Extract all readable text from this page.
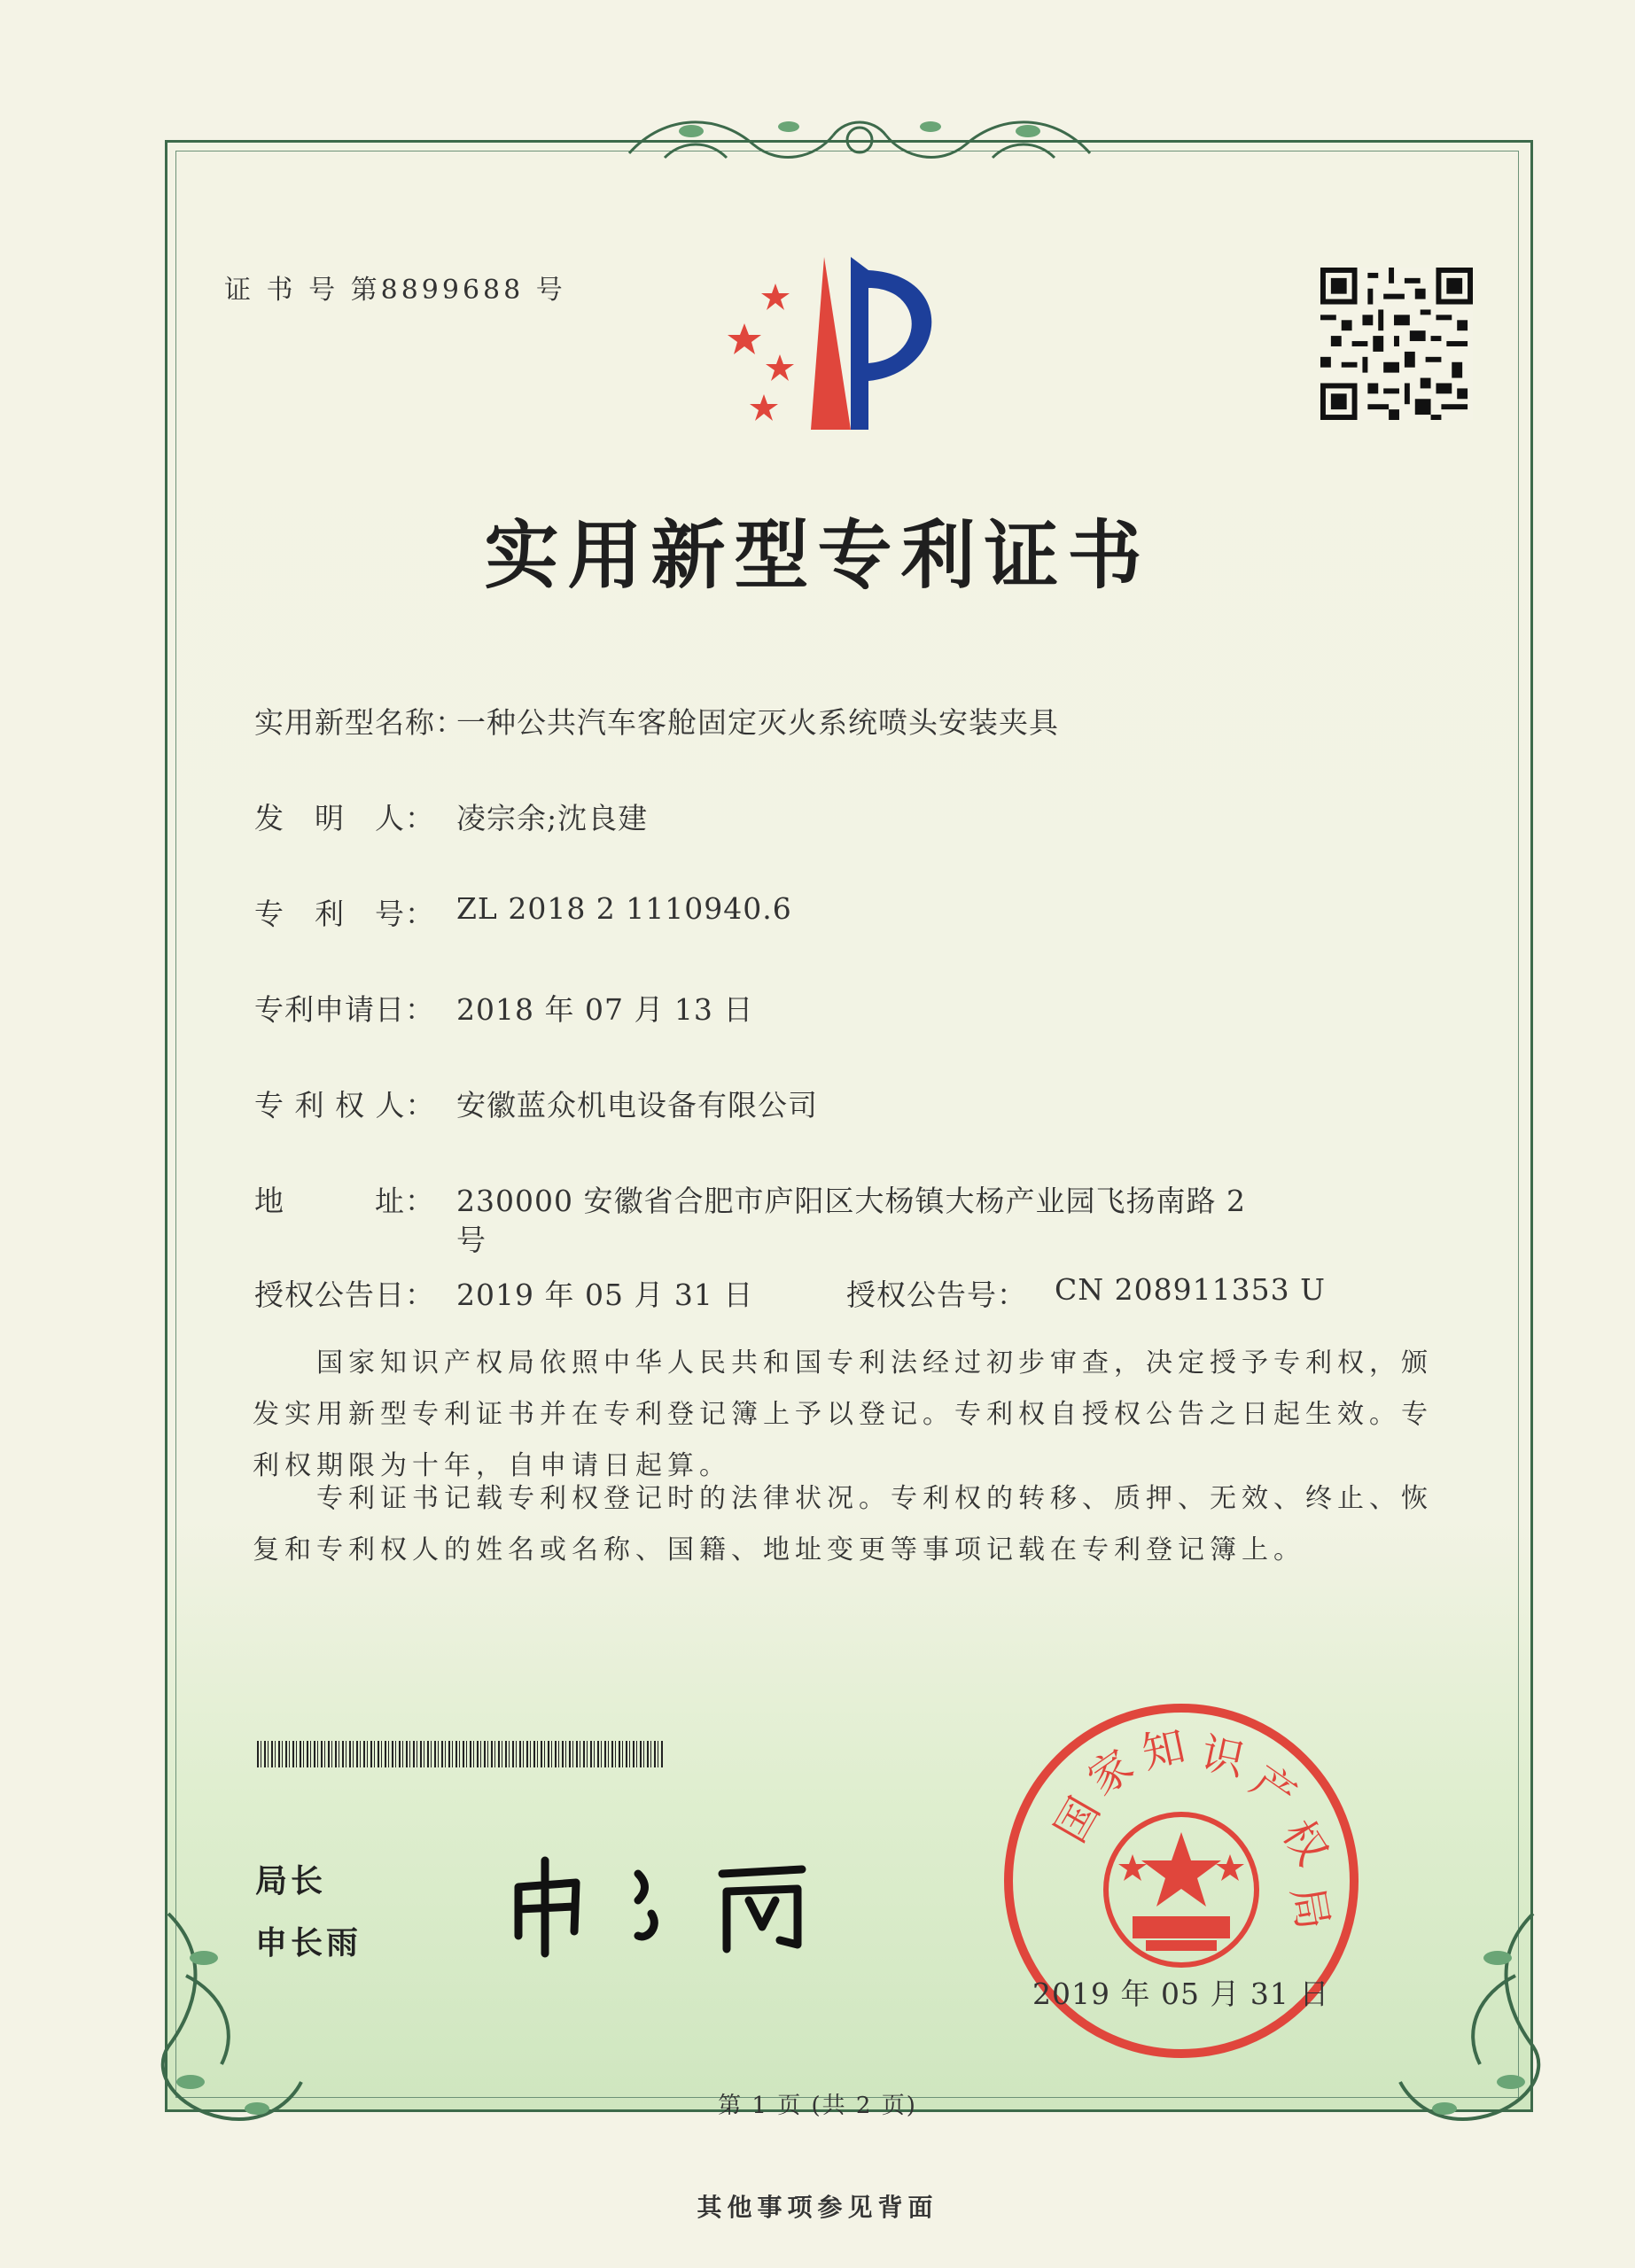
证 书 号 第8899688 号
实用新型专利证书
实用新型名称：
一种公共汽车客舱固定灭火系统喷头安装夹具
发　明　人： 凌宗余;沈良建
专　利　号： ZL 2018 2 1110940.6
专利申请日： 2018 年 07 月 13 日
专 利 权 人： 安徽蓝众机电设备有限公司
地　　　址： 230000 安徽省合肥市庐阳区大杨镇大杨产业园飞扬南路 2
号
授权公告日： 2019 年 05 月 31 日	授权公告号： CN 208911353 U
　　国家知识产权局依照中华人民共和国专利法经过初步审查，决定授予专利权，颁发实用新型专利证书并在专利登记簿上予以登记。专利权自授权公告之日起生效。专利权期限为十年，自申请日起算。
　　专利证书记载专利权登记时的法律状况。专利权的转移、质押、无效、终止、恢复和专利权人的姓名或名称、国籍、地址变更等事项记载在专利登记簿上。
局长
申长雨
国
家
知 识
产
权
局
2019 年 05 月 31 日
第 1 页 (共 2 页)
其他事项参见背面
